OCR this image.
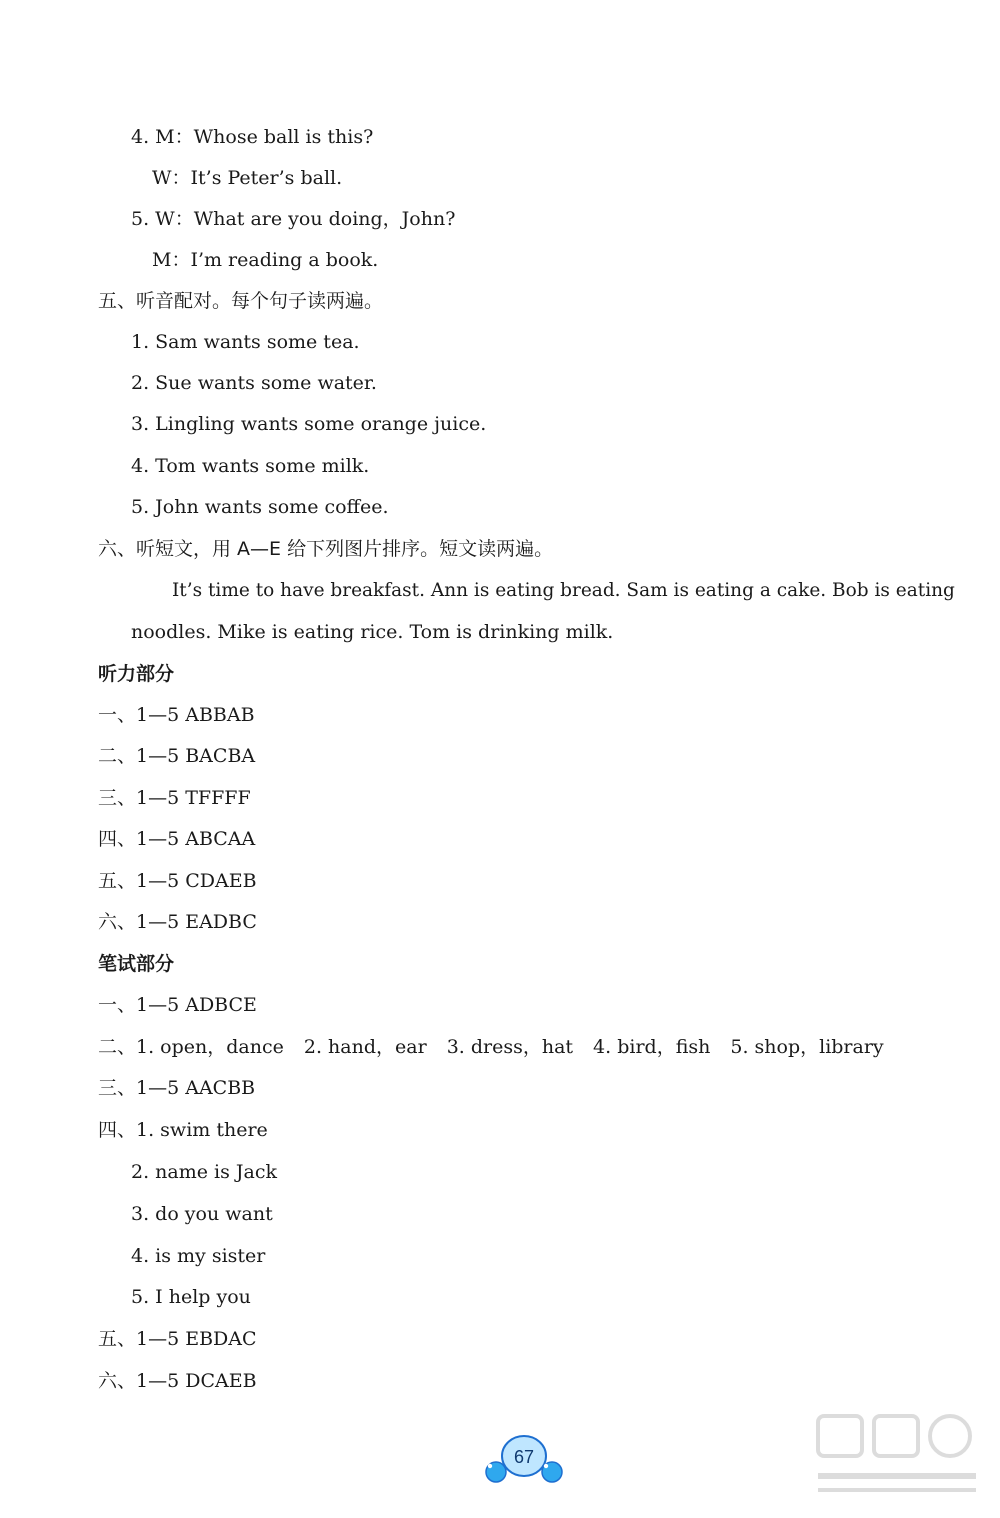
4. M：Whose ball is this?
W：It’s Peter’s ball.
5. W：What are you doing，John?
M：I’m reading a book.
五、听音配对。每个句子读两遍。
1. Sam wants some tea.
2. Sue wants some water.
3. Lingling wants some orange juice.
4. Tom wants some milk.
5. John wants some coffee.
六、听短文，用 A—E 给下列图片排序。短文读两遍。
It’s time to have breakfast. Ann is eating bread. Sam is eating a cake. Bob is eating
noodles. Mike is eating rice. Tom is drinking milk.
听力部分
一、1—5 ABBAB
二、1—5 BACBA
三、1—5 TFFFF
四、1—5 ABCAA
五、1—5 CDAEB
六、1—5 EADBC
笔试部分
一、1—5 ADBCE
二、1. open，dance 2. hand，ear 3. dress，hat 4. bird，fish 5. shop，library
三、1—5 AACBB
四、1. swim there
2. name is Jack
3. do you want
4. is my sister
5. I help you
五、1—5 EBDAC
六、1—5 DCAEB
67
